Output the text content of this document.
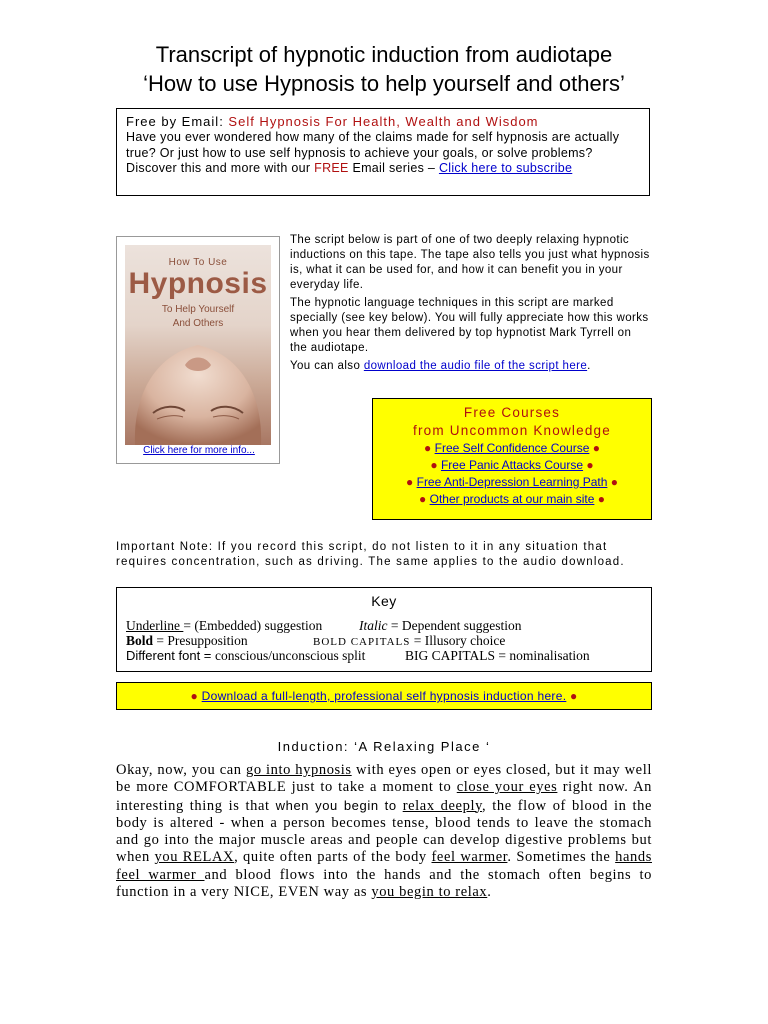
Transcript of hypnotic induction from audiotape
‘How to use Hypnosis to help yourself and others’
Free by Email: Self Hypnosis For Health, Wealth and Wisdom
Have you ever wondered how many of the claims made for self hypnosis are actually true? Or just how to use self hypnosis to achieve your goals, or solve problems?
Discover this and more with our FREE Email series – Click here to subscribe
How To Use
Hypnosis
To Help Yourself
And Others
Click here for more info...

The script below is part of one of two deeply relaxing hypnotic inductions on this tape. The tape also tells you just what hypnosis is, what it can be used for, and how it can benefit you in your everyday life.

The hypnotic language techniques in this script are marked specially (see key below). You will fully appreciate how this works when you hear them delivered by top hypnotist Mark Tyrrell on the audiotape.

You can also download the audio file of the script here.

Free Courses
from Uncommon Knowledge
● Free Self Confidence Course ●
● Free Panic Attacks Course ●
● Free Anti-Depression Learning Path ●
● Other products at our main site ●
Important Note: If you record this script, do not listen to it in any situation that requires concentration, such as driving. The same applies to the audio download.
Key
Underline = (Embedded) suggestion	Italic = Dependent suggestion
Bold = Presupposition	BOLD CAPITALS = Illusory choice
Different font = conscious/unconscious split	BIG CAPITALS = nominalisation
● Download a full-length, professional self hypnosis induction here. ●
Induction: ‘A Relaxing Place ‘
Okay, now, you can go into hypnosis with eyes open or eyes closed, but it may well be more COMFORTABLE just to take a moment to close your eyes right now. An interesting thing is that when you begin to relax deeply, the flow of blood in the body is altered - when a person becomes tense, blood tends to leave the stomach and go into the major muscle areas and people can develop digestive problems but when you RELAX, quite often parts of the body feel warmer. Sometimes the hands feel warmer and blood flows into the hands and the stomach often begins to function in a very NICE, EVEN way as you begin to relax.
